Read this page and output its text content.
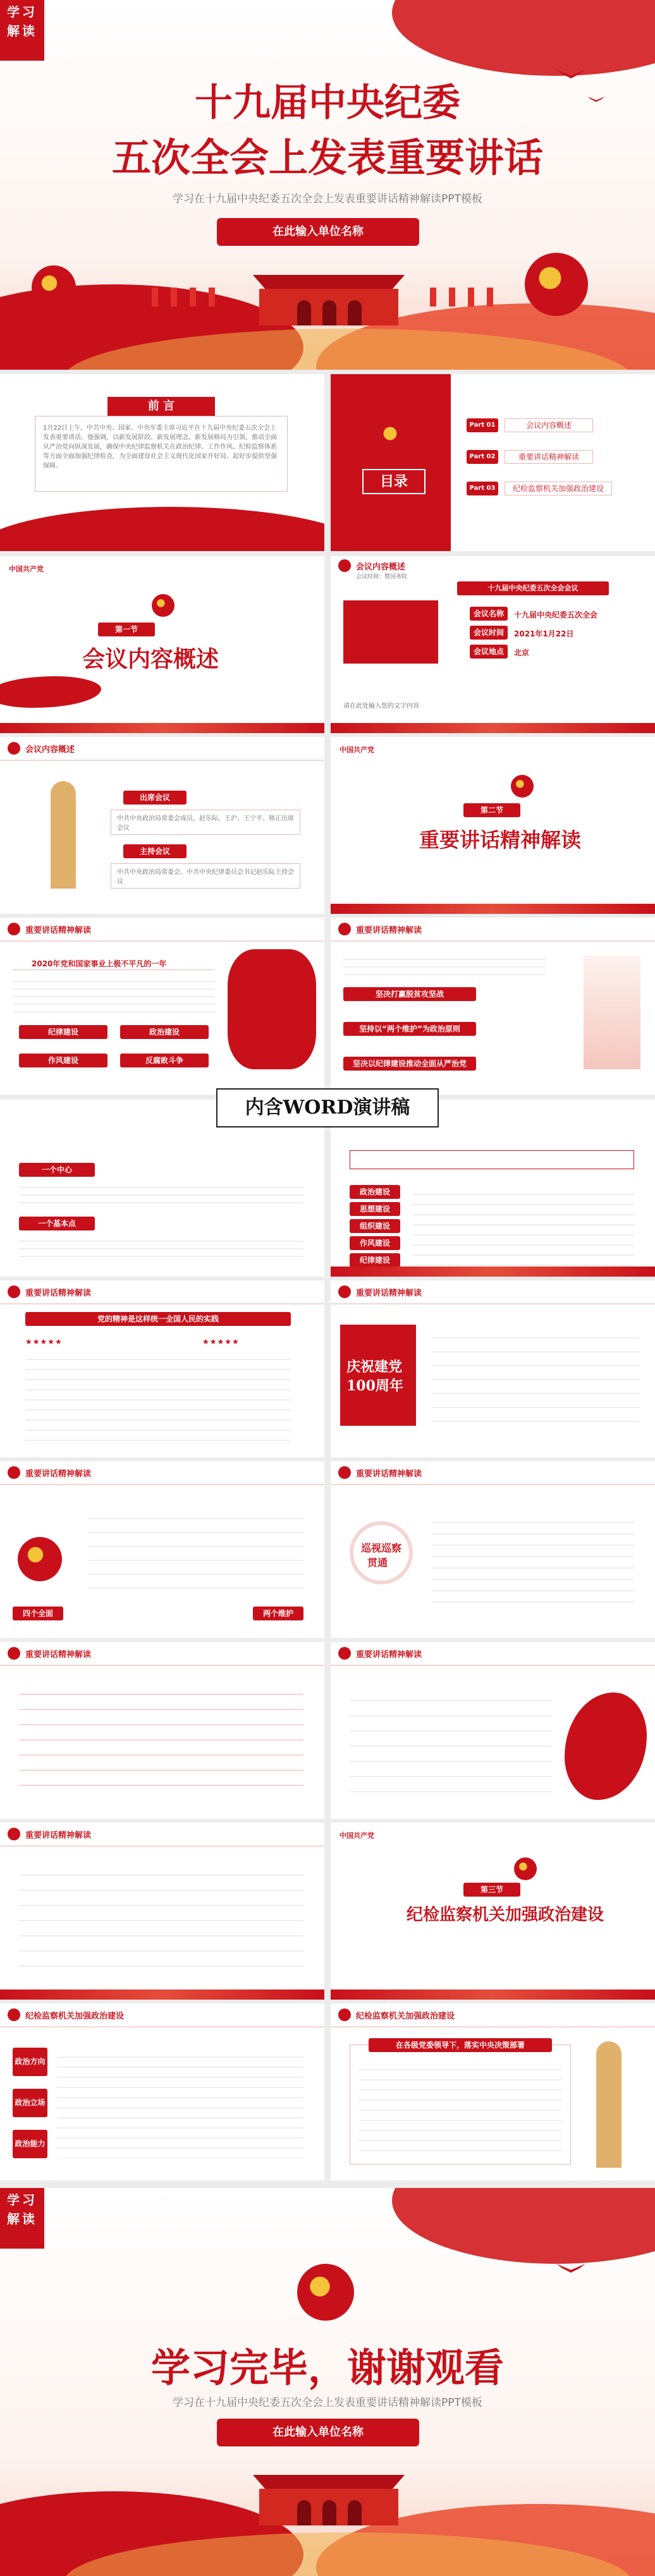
学习
解读
十九届中央纪委
五次全会上发表重要讲话
学习在十九届中央纪委五次全会上发表重要讲话精神解读PPT模板
在此输入单位名称
前 言
1月22日上午，中共中央、国家、中央军委主席习近平在十九届中央纪委五次全会上发表重要讲话。他强调，以新发展阶段、新发展理念、新发展格局为引领，推动全面从严治党向纵深发展，确保中央纪律监察机关在政治纪律、工作作风、纪检监察体系等方面全面加强纪律检查，为全面建设社会主义现代化国家开好局、起好步提供坚强保障。
目录
Part 01	会议内容概述
Part 02	重要讲话精神解读
Part 03	纪检监察机关加强政治建设
中国共产党
第一节
会议内容概述
会议内容概述
会议时间：暨国务院
十九届中央纪委五次全会会议
会议名称	十九届中央纪委五次全会
会议时间	2021年1月22日
会议地点	北京
请在此处输入您的文字内容
会议内容概述
出席会议
中共中央政治局常委会成员，赵乐际、王沪、王宁平、韩正出席会议
主持会议
中共中央政治局常委会、中共中央纪律委员会书记赵乐际主持会议
中国共产党
第二节
重要讲话精神解读
重要讲话精神解读
2020年党和国家事业上极不平凡的一年
纪律建设	政治建设
作风建设	反腐败斗争
重要讲话精神解读
坚决打赢脱贫攻坚战
坚持以“两个维护”为政治原则
坚决以纪律建设推动全面从严治党
内含WORD演讲稿
一个中心
一个基本点
政治建设
思想建设
组织建设
作风建设
纪律建设
重要讲话精神解读
党的精神是这样统一全国人民的实践
★★★★★	★★★★★
重要讲话精神解读
庆祝建党
100周年
重要讲话精神解读
四个全面	两个维护
重要讲话精神解读
巡视巡察
贯通
重要讲话精神解读	重要讲话精神解读
重要讲话精神解读	中国共产党
第三节
纪检监察机关加强政治建设
纪检监察机关加强政治建设
政治方向
政治立场
政治能力
纪检监察机关加强政治建设
在各级党委领导下，落实中央决策部署
学习
解读
学习完毕，谢谢观看
学习在十九届中央纪委五次全会上发表重要讲话精神解读PPT模板
在此输入单位名称
